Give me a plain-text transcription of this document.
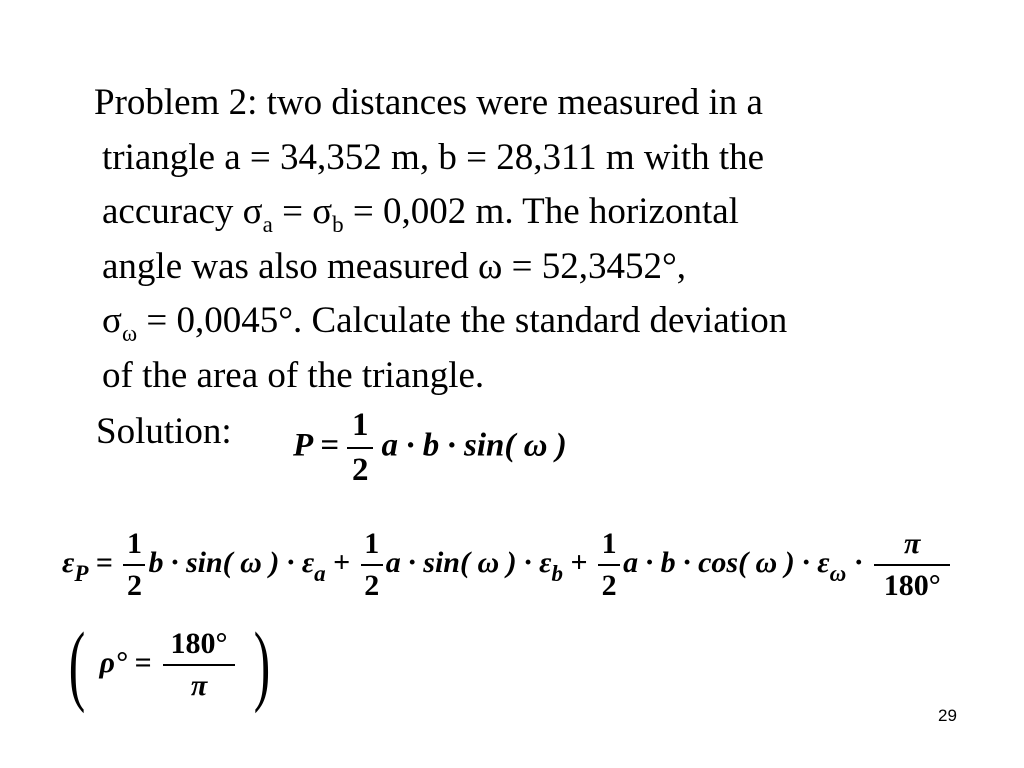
Problem 2: two distances were measured in a
triangle a = 34,352 m, b = 28,311 m with the
accuracy $\sigma_a = \sigma_b = 0,002$ m. The horizontal
angle was also measured ω = 52,3452°,
$\sigma_\omega = 0,0045^\circ$. Calculate the standard deviation
of the area of the triangle.
Solution: $P = \frac{1}{2}$ a · b · sin( ω )
$\varepsilon_P = \frac{1}{2}$ b · sin( ω ) · $\varepsilon_a + \frac{1}{2}$ a · sin( ω ) · $\varepsilon_b + \frac{1}{2}$ a · b · cos( ω ) · $\varepsilon_\omega \cdot \frac{\pi}{180^\circ}$
( $\rho^\circ = \frac{180^\circ}{\pi}$ )
29
